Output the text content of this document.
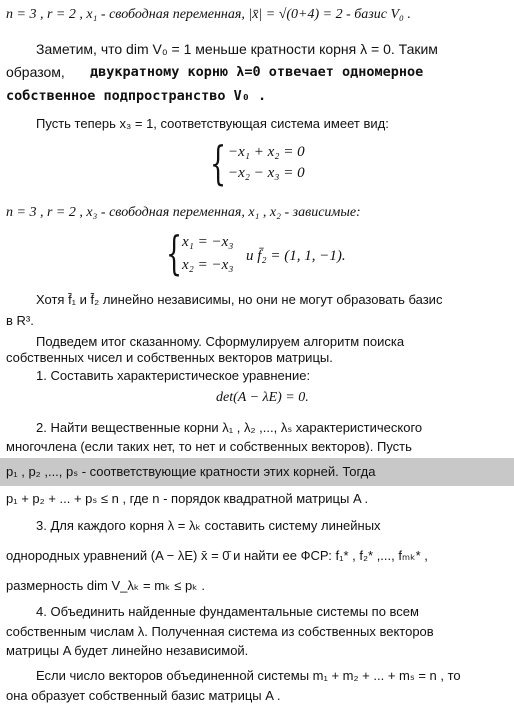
n = 3 , r = 2 , x₁ - свободная переменная, |x̄| = √(0+4) = 2 - базис V₀ .
Заметим, что dim V₀ = 1 меньше кратности корня λ = 0. Таким
образом, двукратному корню λ=0 отвечает одномерное
собственное подпространство V₀ .
Пусть теперь x₃ = 1, соответствующая система имеет вид:
{ −x₁ + x₂ = 0
−x₂ − x₃ = 0
n = 3 , r = 2 , x₃ - свободная переменная, x₁ , x₂ - зависимые:
{ x₁ = −x₃
x₂ = −x₃
и f̄₂ = (1, 1, −1).
Хотя f̄₁ и f̄₂ линейно независимы, но они не могут образовать базис
в R³.
Подведем итог сказанному. Сформулируем алгоритм поиска
собственных чисел и собственных векторов матрицы.
1. Составить характеристическое уравнение:
det(A − λE) = 0.
2. Найти вещественные корни λ₁ , λ₂ ,..., λₛ характеристического
многочлена (если таких нет, то нет и собственных векторов). Пусть
p₁ , p₂ ,..., pₛ - соответствующие кратности этих корней. Тогда
p₁ + p₂ + ... + pₛ ≤ n , где n - порядок квадратной матрицы A .
3. Для каждого корня λ = λₖ составить систему линейных
однородных уравнений (A − λE) x̄ = 0̄ и найти ее ФСР: f₁* , f₂* ,..., fₘₖ* ,
размерность dim V_λₖ = mₖ ≤ pₖ .
4. Объединить найденные фундаментальные системы по всем
собственным числам λ. Полученная система из собственных векторов
матрицы A будет линейно независимой.
Если число векторов объединенной системы m₁ + m₂ + ... + mₛ = n , то
она образует собственный базис матрицы A .
